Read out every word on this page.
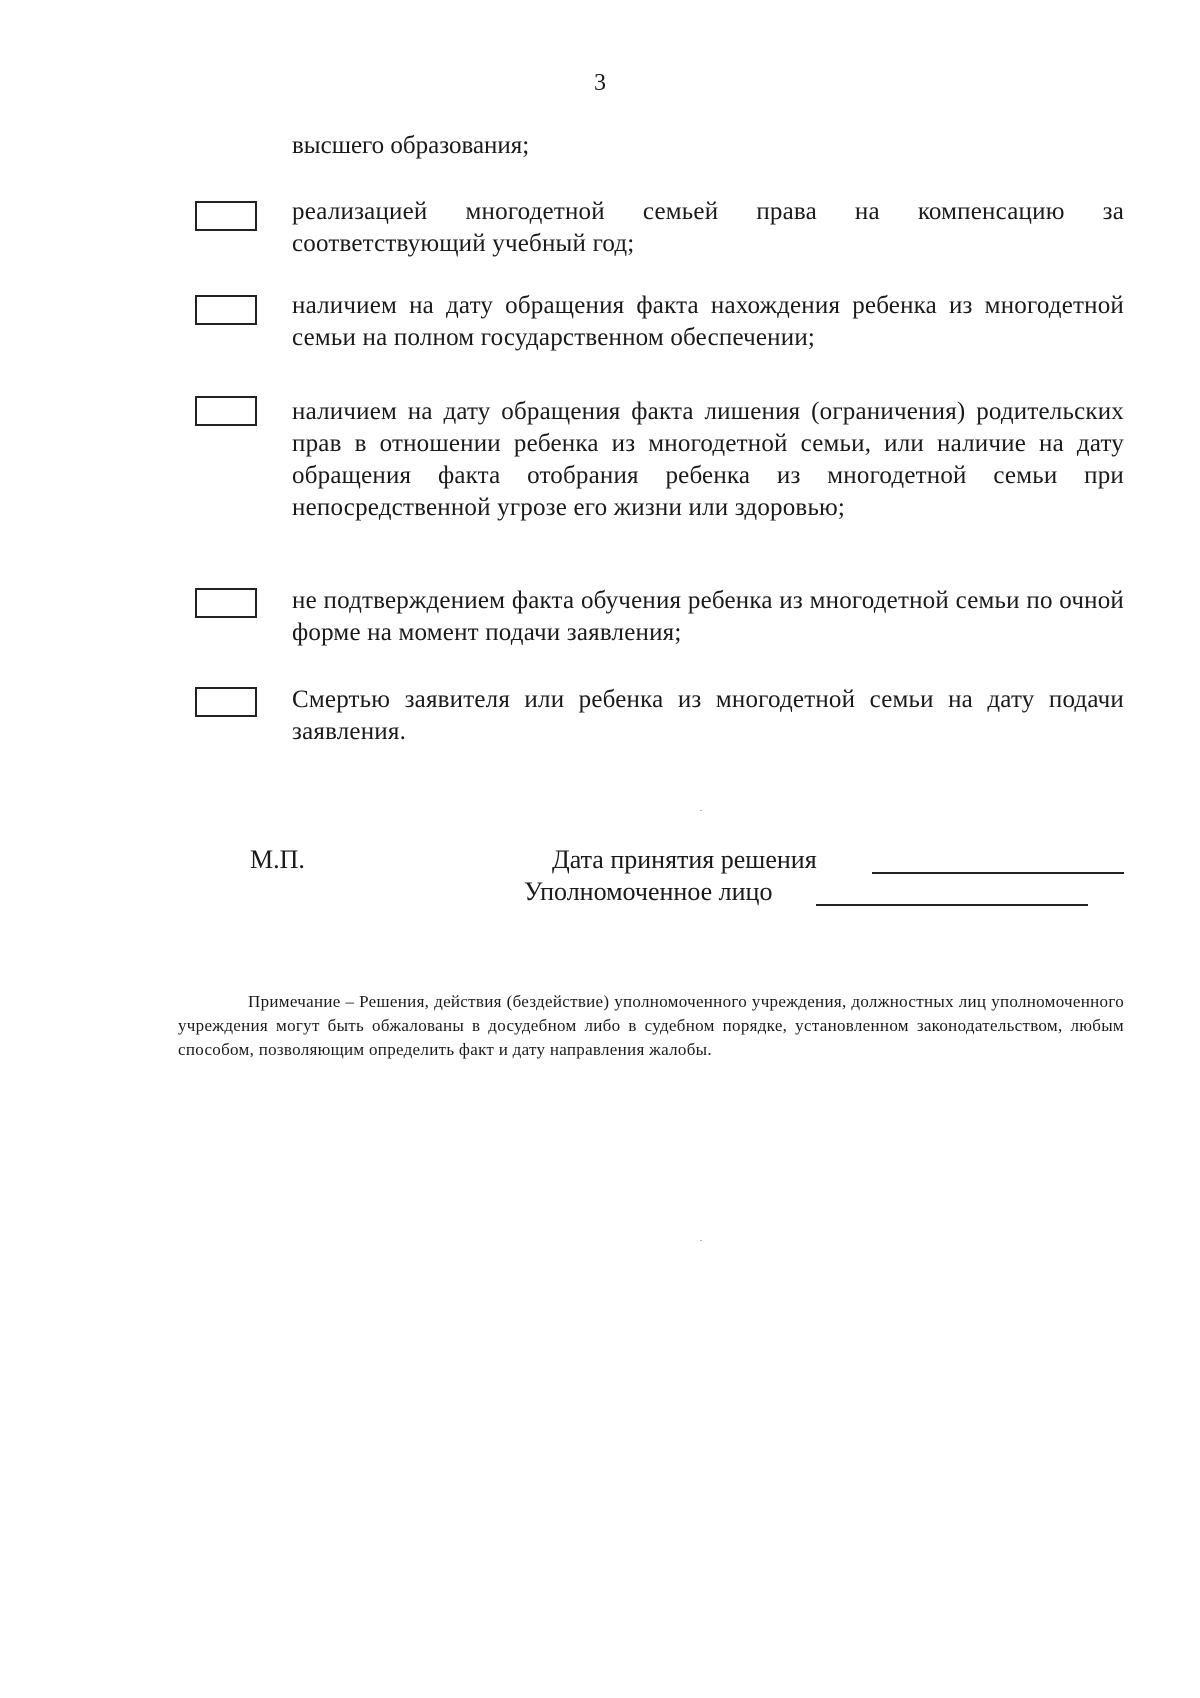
3
высшего образования;
реализацией многодетной семьей права на компенсацию за соответствующий учебный год;
наличием на дату обращения факта нахождения ребенка из многодетной семьи на полном государственном обеспечении;
наличием на дату обращения факта лишения (ограничения) родительских прав в отношении ребенка из многодетной семьи, или наличие на дату обращения факта отобрания ребенка из многодетной семьи при непосредственной угрозе его жизни или здоровью;
не подтверждением факта обучения ребенка из многодетной семьи по очной форме на момент подачи заявления;
Смертью заявителя или ребенка из многодетной семьи на дату подачи заявления.
М.П.	Дата принятия решения
Уполномоченное лицо
Примечание – Решения, действия (бездействие) уполномоченного учреждения, должностных лиц уполномоченного учреждения могут быть обжалованы в досудебном либо в судебном порядке, установленном законодательством, любым способом, позволяющим определить факт и дату направления жалобы.
